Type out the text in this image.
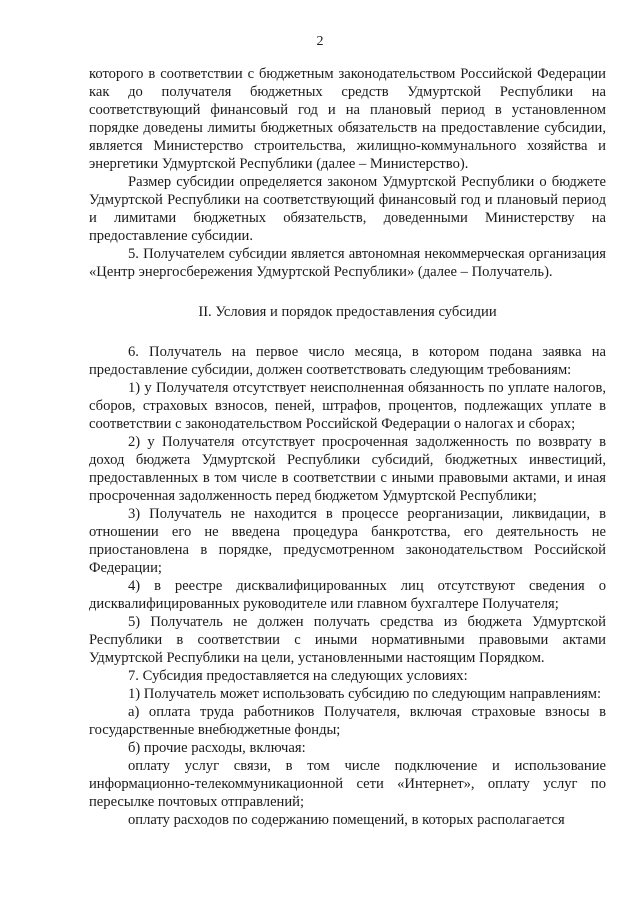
2

которого в соответствии с бюджетным законодательством Российской Федерации как до получателя бюджетных средств Удмуртской Республики на соответствующий финансовый год и на плановый период в установленном порядке доведены лимиты бюджетных обязательств на предоставление субсидии, является Министерство строительства, жилищно-коммунального хозяйства и энергетики Удмуртской Республики (далее – Министерство).

Размер субсидии определяется законом Удмуртской Республики о бюджете Удмуртской Республики на соответствующий финансовый год и плановый период и лимитами бюджетных обязательств, доведенными Министерству на предоставление субсидии.

5. Получателем субсидии является автономная некоммерческая организация «Центр энергосбережения Удмуртской Республики» (далее – Получатель).

II. Условия и порядок предоставления субсидии

6. Получатель на первое число месяца, в котором подана заявка на предоставление субсидии, должен соответствовать следующим требованиям:

1) у Получателя отсутствует неисполненная обязанность по уплате налогов, сборов, страховых взносов, пеней, штрафов, процентов, подлежащих уплате в соответствии с законодательством Российской Федерации о налогах и сборах;

2) у Получателя отсутствует просроченная задолженность по возврату в доход бюджета Удмуртской Республики субсидий, бюджетных инвестиций, предоставленных в том числе в соответствии с иными правовыми актами, и иная просроченная задолженность перед бюджетом Удмуртской Республики;

3) Получатель не находится в процессе реорганизации, ликвидации, в отношении его не введена процедура банкротства, его деятельность не приостановлена в порядке, предусмотренном законодательством Российской Федерации;

4) в реестре дисквалифицированных лиц отсутствуют сведения о дисквалифицированных руководителе или главном бухгалтере Получателя;

5) Получатель не должен получать средства из бюджета Удмуртской Республики в соответствии с иными нормативными правовыми актами Удмуртской Республики на цели, установленными настоящим Порядком.

7. Субсидия предоставляется на следующих условиях:

1) Получатель может использовать субсидию по следующим направлениям:

а) оплата труда работников Получателя, включая страховые взносы в государственные внебюджетные фонды;

б) прочие расходы, включая:

оплату услуг связи, в том числе подключение и использование информационно-телекоммуникационной сети «Интернет», оплату услуг по пересылке почтовых отправлений;

оплату расходов по содержанию помещений, в которых располагается
